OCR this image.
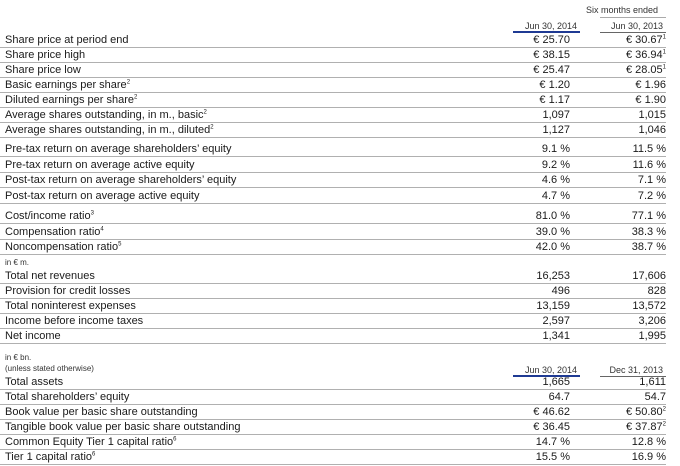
Six months ended
Jun 30, 2014	Jun 30, 2013
Share price at period end	€ 25.70	€ 30.67$^1$
Share price high	€ 38.15	€ 36.94$^1$
Share price low	€ 25.47	€ 28.05$^1$
Basic earnings per share$^2$	€ 1.20	€ 1.96
Diluted earnings per share$^2$	€ 1.17	€ 1.90
Average shares outstanding, in m., basic$^2$	1,097	1,015
Average shares outstanding, in m., diluted$^2$	1,127	1,046
Pre-tax return on average shareholders’ equity	9.1 %	11.5 %
Pre-tax return on average active equity	9.2 %	11.6 %
Post-tax return on average shareholders’ equity	4.6 %	7.1 %
Post-tax return on average active equity	4.7 %	7.2 %
Cost/income ratio$^3$	81.0 %	77.1 %
Compensation ratio$^4$	39.0 %	38.3 %
Noncompensation ratio$^5$	42.0 %	38.7 %
in € m.
Total net revenues	16,253	17,606
Provision for credit losses	496	828
Total noninterest expenses	13,159	13,572
Income before income taxes	2,597	3,206
Net income	1,341	1,995
in € bn.
(unless stated otherwise)	Jun 30, 2014	Dec 31, 2013
Total assets	1,665	1,611
Total shareholders’ equity	64.7	54.7
Book value per basic share outstanding	€ 46.62	€ 50.80$^2$
Tangible book value per basic share outstanding	€ 36.45	€ 37.87$^2$
Common Equity Tier 1 capital ratio$^6$	14.7 %	12.8 %
Tier 1 capital ratio$^6$	15.5 %	16.9 %
